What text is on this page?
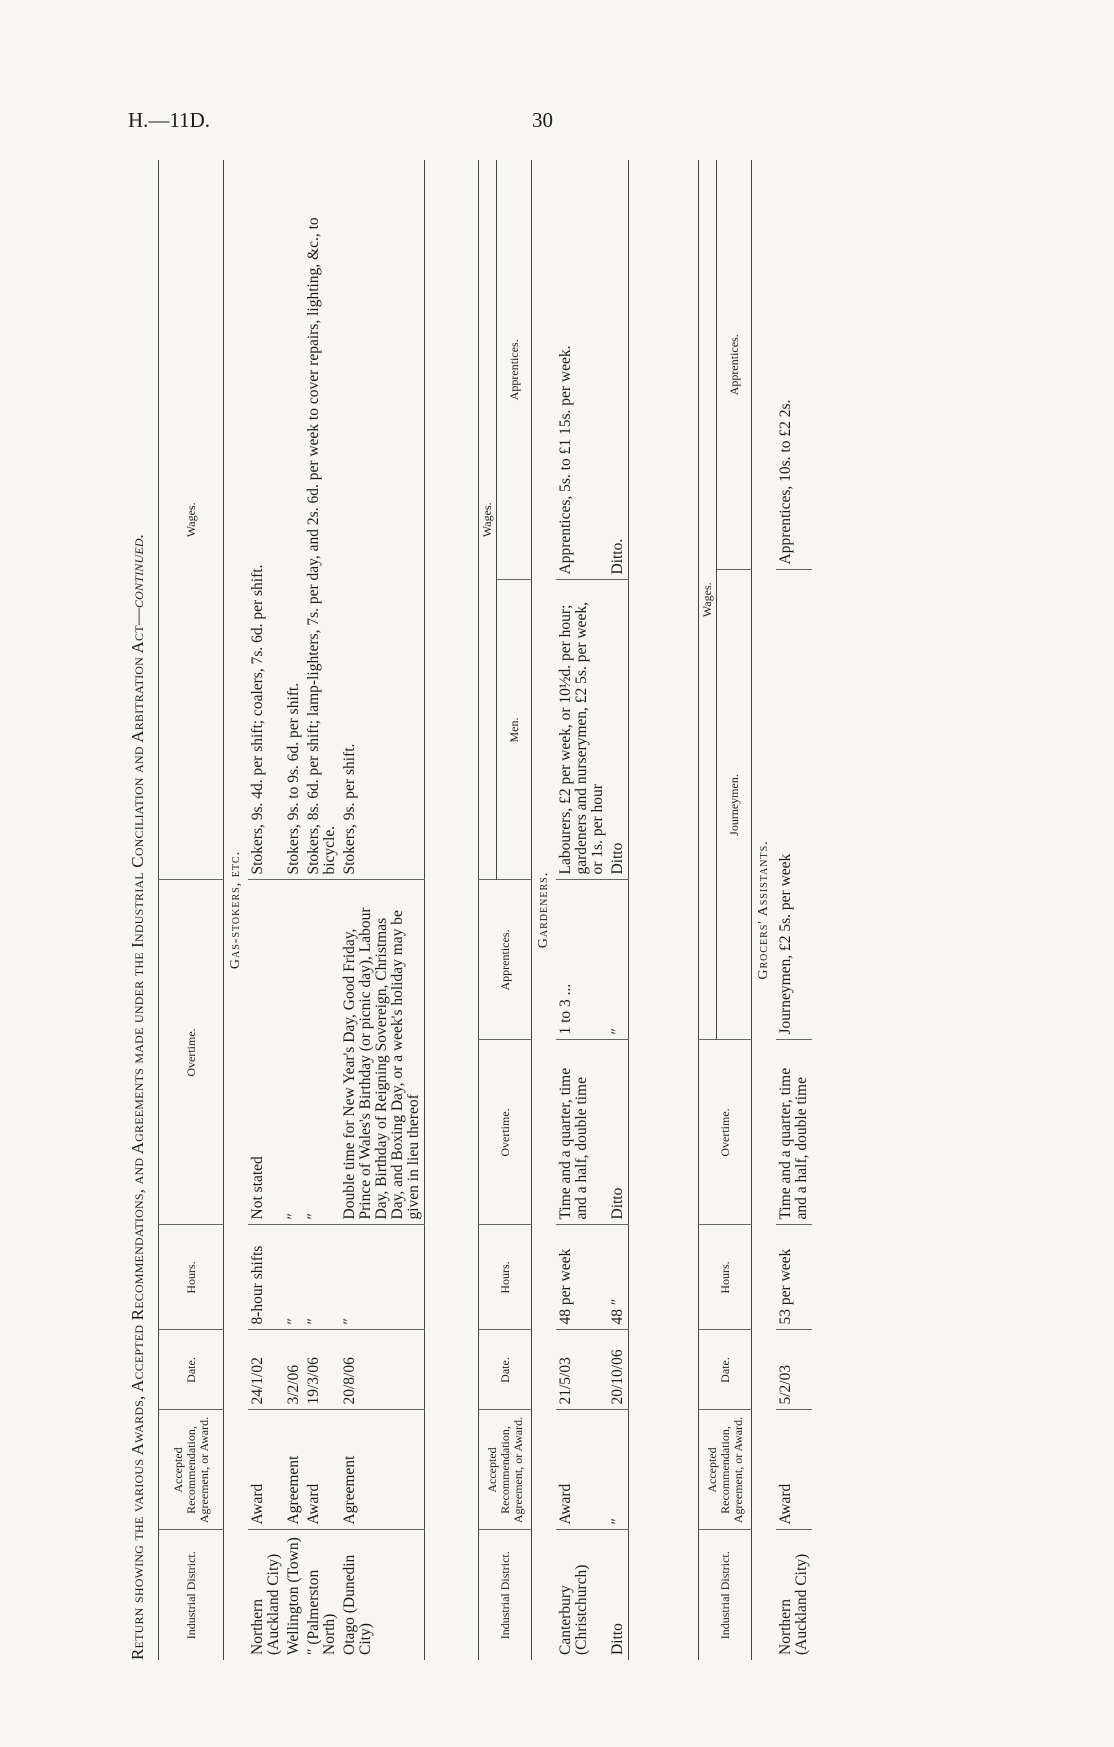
H.—11D.	30
Return showing the various Awards, Accepted Recommendations, and Agreements made under the Industrial Conciliation and Arbitration Act—continued.
Industrial District.	Accepted Recommendation, Agreement, or Award.	Date.	Hours.	Overtime.	Wages.
Gas-stokers, etc.					
Northern (Auckland City)	Award	24/1/02	8-hour shifts	Not stated	Stokers, 9s. 4d. per shift; coalers, 7s. 6d. per shift.
Wellington (Town)	Agreement	3/2/06	″	″	Stokers, 9s. to 9s. 6d. per shift.
″ (Palmerston North)	Award	19/3/06	″	″	Stokers, 8s. 6d. per shift; lamp-lighters, 7s. per day, and 2s. 6d. per week to cover repairs, lighting, &c., to bicycle.
Otago (Dunedin City)	Agreement	20/8/06	″	Double time for New Year's Day, Good Friday, Prince of Wales's Birthday (or picnic day), Labour Day, Birthday of Reigning Sovereign, Christmas Day, and Boxing Day, or a week's holiday may be given in lieu thereof	Stokers, 9s. per shift.
Industrial District.	Accepted Recommendation, Agreement, or Award.	Date.	Hours.	Overtime.	Apprentices.	Wages.	
						Men.	Apprentices.
Gardeners.							
Canterbury (Christchurch)	Award	21/5/03	48 per week	Time and a quarter, time and a half, double time	1 to 3 ...	Labourers, £2 per week, or 10½d. per hour; gardeners and nurserymen, £2 5s. per week, or 1s. per hour	Apprentices, 5s. to £1 15s. per week.
Ditto	″	20/10/06	48 ″	Ditto	″	Ditto	Ditto.
Industrial District.	Accepted Recommendation, Agreement, or Award.	Date.	Hours.	Overtime.	Wages.	
					Journeymen.	Apprentices.
Grocers' Assistants.						
Northern (Auckland City)	Award	5/2/03	53 per week	Time and a quarter, time and a half, double time	Journeymen, £2 5s. per week	Apprentices, 10s. to £2 2s.
